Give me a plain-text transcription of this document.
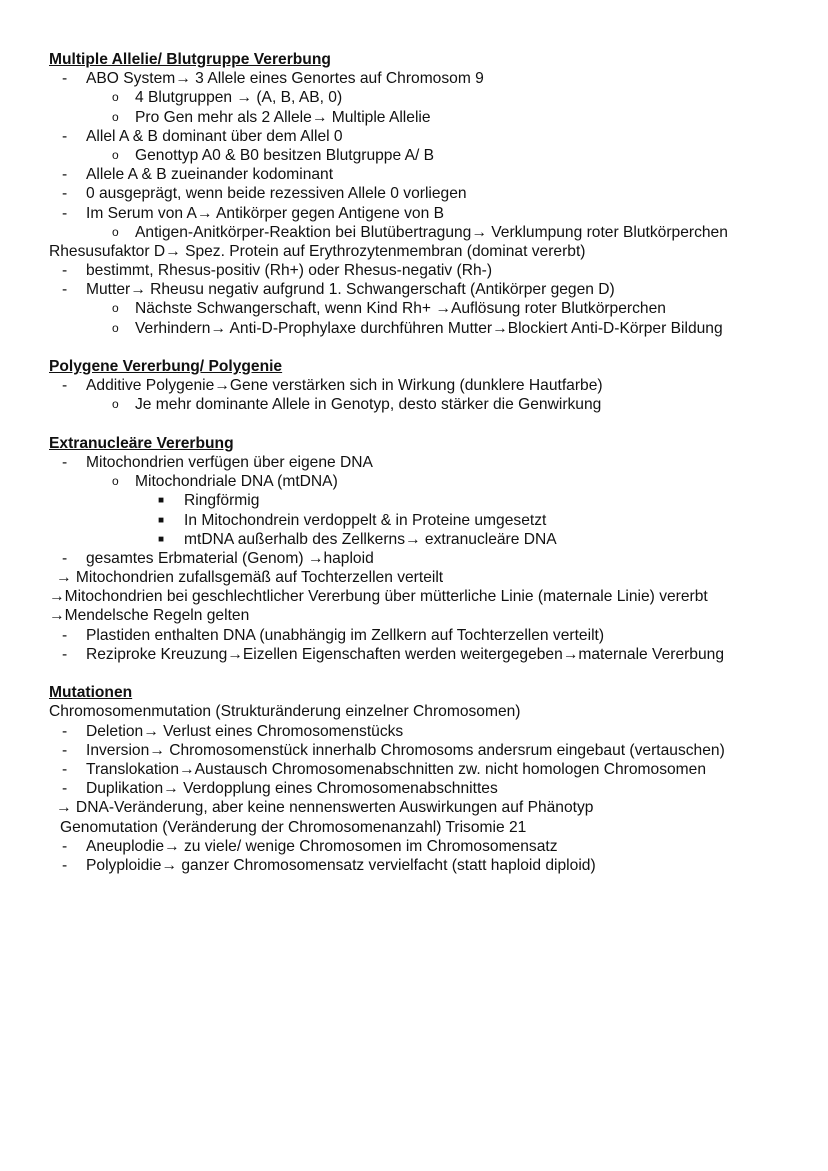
Multiple Allelie/ Blutgruppe Vererbung
- ABO System→ 3 Allele eines Genortes auf Chromosom 9
o 4 Blutgruppen → (A, B, AB, 0)
o Pro Gen mehr als 2 Allele→ Multiple Allelie
- Allel A & B dominant über dem Allel 0
o Genottyp A0 & B0 besitzen Blutgruppe A/ B
- Allele A & B zueinander kodominant
- 0 ausgeprägt, wenn beide rezessiven Allele 0 vorliegen
- Im Serum von A→ Antikörper gegen Antigene von B
o Antigen-Anitkörper-Reaktion bei Blutübertragung→ Verklumpung roter Blutkörperchen
Rhesusufaktor D→ Spez. Protein auf Erythrozytenmembran (dominat vererbt)
- bestimmt, Rhesus-positiv (Rh+) oder Rhesus-negativ (Rh-)
- Mutter→ Rheusu negativ aufgrund 1. Schwangerschaft (Antikörper gegen D)
o Nächste Schwangerschaft, wenn Kind Rh+ →Auflösung roter Blutkörperchen
o Verhindern→ Anti-D-Prophylaxe durchführen Mutter→Blockiert Anti-D-Körper Bildung
Polygene Vererbung/ Polygenie
- Additive Polygenie→Gene verstärken sich in Wirkung (dunklere Hautfarbe)
o Je mehr dominante Allele in Genotyp, desto stärker die Genwirkung
Extranucleäre Vererbung
- Mitochondrien verfügen über eigene DNA
o Mitochondriale DNA (mtDNA)
■ Ringförmig
■ In Mitochondrein verdoppelt & in Proteine umgesetzt
■ mtDNA außerhalb des Zellkerns→ extranucleäre DNA
- gesamtes Erbmaterial (Genom) →haploid
→ Mitochondrien zufallsgemäß auf Tochterzellen verteilt
→Mitochondrien bei geschlechtlicher Vererbung über mütterliche Linie (maternale Linie) vererbt
→Mendelsche Regeln gelten
- Plastiden enthalten DNA (unabhängig im Zellkern auf Tochterzellen verteilt)
- Reziproke Kreuzung→Eizellen Eigenschaften werden weitergegeben→maternale Vererbung
Mutationen
Chromosomenmutation (Strukturänderung einzelner Chromosomen)
- Deletion→ Verlust eines Chromosomenstücks
- Inversion→ Chromosomenstück innerhalb Chromosoms andersrum eingebaut (vertauschen)
- Translokation→Austausch Chromosomenabschnitten zw. nicht homologen Chromosomen
- Duplikation→ Verdopplung eines Chromosomenabschnittes
→ DNA-Veränderung, aber keine nennenswerten Auswirkungen auf Phänotyp
Genomutation (Veränderung der Chromosomenanzahl) Trisomie 21
- Aneuplodie→ zu viele/ wenige Chromosomen im Chromosomensatz
- Polyploidie→ ganzer Chromosomensatz vervielfacht (statt haploid diploid)
